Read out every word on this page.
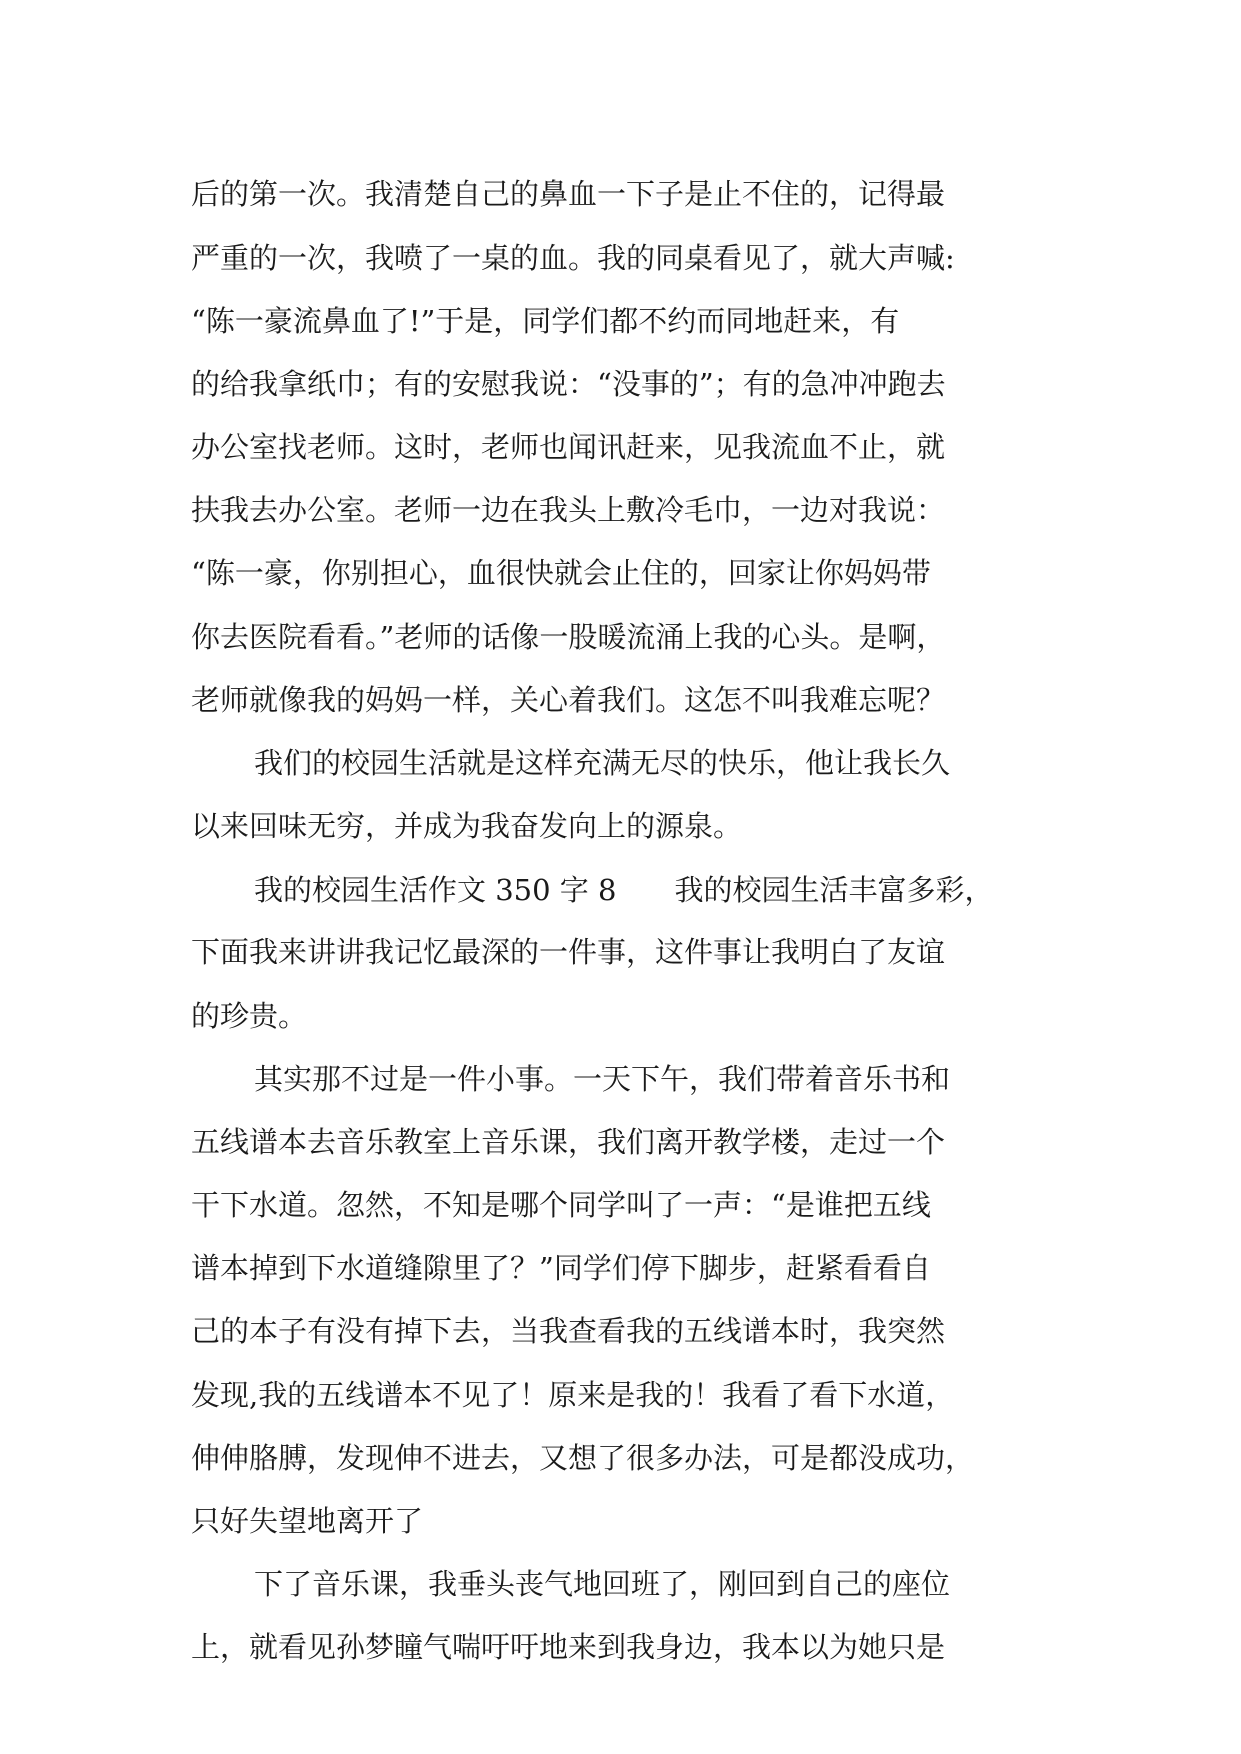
后的第一次。我清楚自己的鼻血一下子是止不住的，记得最
严重的一次，我喷了一桌的血。我的同桌看见了，就大声喊:
“陈一豪流鼻血了!”于是，同学们都不约而同地赶来，有
的给我拿纸巾；有的安慰我说：“没事的”；有的急冲冲跑去
办公室找老师。这时，老师也闻讯赶来，见我流血不止，就
扶我去办公室。老师一边在我头上敷冷毛巾，一边对我说：
“陈一豪，你别担心，血很快就会止住的，回家让你妈妈带
你去医院看看。”老师的话像一股暖流涌上我的心头。是啊，
老师就像我的妈妈一样，关心着我们。这怎不叫我难忘呢？
我们的校园生活就是这样充满无尽的快乐，他让我长久
以来回味无穷，并成为我奋发向上的源泉。
我的校园生活作文 350 字 8　　我的校园生活丰富多彩，
下面我来讲讲我记忆最深的一件事，这件事让我明白了友谊
的珍贵。
其实那不过是一件小事。一天下午，我们带着音乐书和
五线谱本去音乐教室上音乐课，我们离开教学楼，走过一个
干下水道。忽然，不知是哪个同学叫了一声：“是谁把五线
谱本掉到下水道缝隙里了？”同学们停下脚步，赶紧看看自
己的本子有没有掉下去，当我查看我的五线谱本时，我突然
发现,我的五线谱本不见了！原来是我的！我看了看下水道，
伸伸胳膊，发现伸不进去，又想了很多办法，可是都没成功，
只好失望地离开了
下了音乐课，我垂头丧气地回班了，刚回到自己的座位
上，就看见孙梦瞳气喘吁吁地来到我身边，我本以为她只是
